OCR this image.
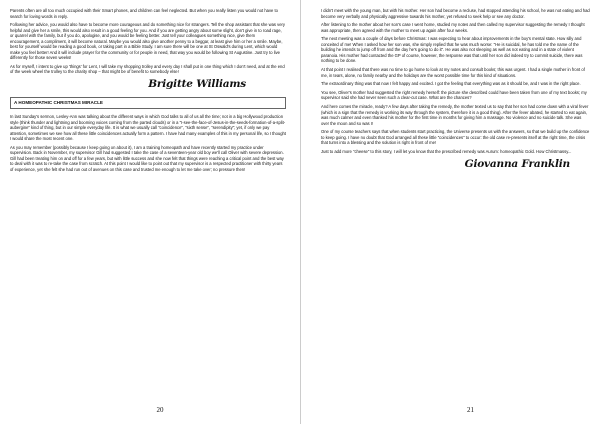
Parents often are all too much occupied with their Smart phones, and children can feel neglected. But when you really listen you would not have to search for loving words in reply.

Following her advice, you would also have to become more courageous and do something nice for strangers. Tell the shop assistant that she was very helpful and give her a smile, this would also result in a good feeling for you. And if you are getting angry about some slight, don't give in to road rage, or quarrel with the family, but if you do, apologise, and you would be feeling better. Just tell your colleagues something nice, give them encouragement, a compliment, it will become natural. Maybe you would also give another penny to a beggar, at least give him or her a smile. Maybe, best for yourself would be reading a good book, or taking part in a Bible Study. I am sure there will be one at St Oswald's during Lent, which would make you feel better! And it will include prayer for the community or for people in need, that way you would be following St Augustine. Just try to live differently for those seven weeks!

As for myself, I intent to give up 'things' for Lent, I will take my shopping trolley and every day I shall put in one thing which I don't need, and at the end of the week wheel the trolley to the charity shop – that might be of benefit to somebody else!

Brigitte Williams
A HOMEOPATHIC CHRISTMAS MIRACLE

In last Sunday's sermon, Lesley-Ann was talking about the different ways in which God talks to all of us all the time; not in a big Hollywood production style (think thunder and lightning and booming voices coming from the parted clouds) or in a "I-see-the-face-of-Jesus-in-the-seeds-formation-of-a-split-aubergine" kind of thing, but in our simple everyday life. It is what we usually call "coincidence", "sixth sense", "serendipity"; yet, if only we pay attention, sometimes we see how all these little coincidences actually form a pattern. I have had many examples of this in my personal life, so I thought I would share the most recent one.

As you may remember (possibly because I keep going on about it), I am a training homeopath and have recently started my practice under supervision. Back in November, my supervisor Gill had suggested I take the case of a seventeen-year old boy we'll call Oliver with severe depression. Gill had been treating him on and off for a few years, but with little success and she now felt that things were reaching a critical point and the best way to deal with it was to re-take the case from scratch. At this point I would like to point out that my supervisor is a respected practitioner with thirty years of experience, yet she felt she had run out of avenues on this case and trusted me enough to let me take over; no pressure then!

20

I didn't meet with the young man, but with his mother. Her son had become a recluse, had stopped attending his school, he was not eating and had become very verbally and physically aggressive towards his mother, yet refused to seek help or see any doctor.

After listening to the mother about her son's case I went home, studied my notes and then called my supervisor suggesting the remedy I thought was appropriate, then agreed with the mother to meet up again after four weeks.

The next meeting was a couple of days before Christmas: I was expecting to hear about improvements in the boy's mental state. How silly and conceited of me! When I asked how her son was, she simply replied that he was much worse: "He is suicidal, he has told me the name of the building he intends to jump off from and the day he's going to do it". He was also not sleeping as well as not eating and in a state of violent paranoia. His mother had contacted the GP of course, however, the response was that until her son did indeed try to commit suicide, there was nothing to be done.

At that point I realised that there was no time to go home to look at my notes and consult books; this was urgent. I had a single mother in front of me, in tears, alone, no family nearby and the holidays are the worst possible time for this kind of situations.

The extraordinary thing was that now I felt happy and excited. I got the feeling that everything was as it should be, and I was in the right place.

You see, Oliver's mother had suggested the right remedy herself: the picture she described could have been taken from one of my text books; my supervisor said she had never seen such a clear-cut case. What are the chances?

And here comes the miracle, ready? A few days after taking the remedy, the mother texted us to say that her son had come down with a viral fever (which is a sign that the remedy is working its way through the system, therefore it is a good thing). After the fever abated, he started to eat again, was much calmer and even thanked his mother for the first time in months for giving him a massage. No violence and no suicide talk. She was over the moon and so was I!

One of my course teachers says that when students start practicing, the Universe presents us with the answers, so that we build up the confidence to keep going. I have no doubt that God arranged all these little "coincidences" to occur: the old case re-presents itself at the right time, the crisis that turns into a blessing and the solution is right in front of me!

Just to add more "cheese" to this story, I will let you know that the prescribed remedy was Aurum: homeopathic Gold. How Christmassy...

Giovanna Franklin
21
